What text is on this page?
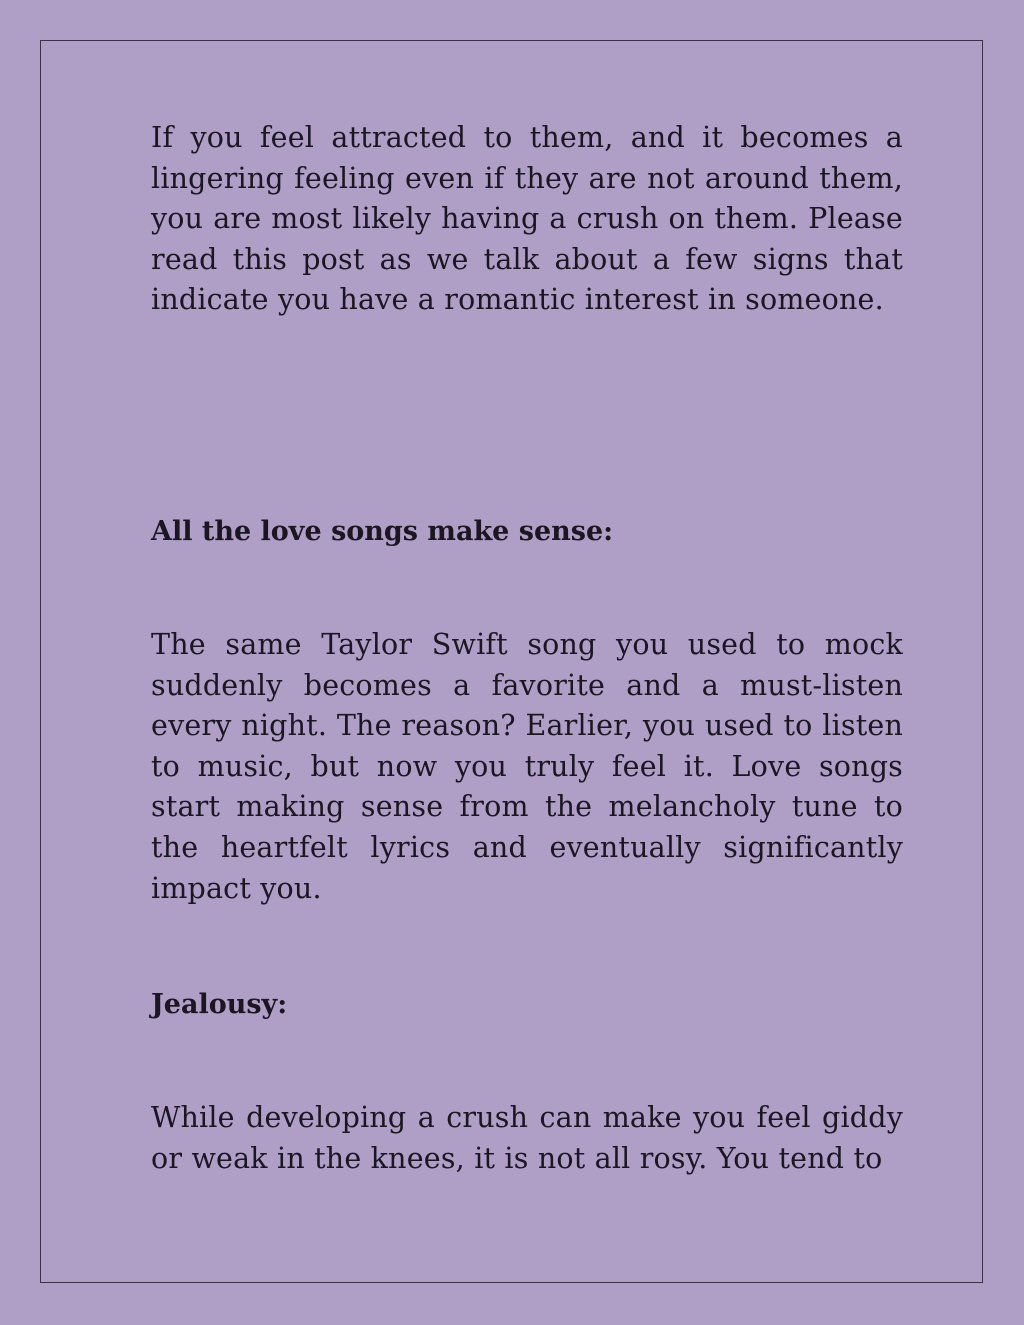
If you feel attracted to them, and it becomes a lingering feeling even if they are not around them, you are most likely having a crush on them. Please read this post as we talk about a few signs that indicate you have a romantic interest in someone.

All the love songs make sense:

The same Taylor Swift song you used to mock suddenly becomes a favorite and a must-listen every night. The reason? Earlier, you used to listen to music, but now you truly feel it. Love songs start making sense from the melancholy tune to the heartfelt lyrics and eventually significantly impact you.

Jealousy:

While developing a crush can make you feel giddy or weak in the knees, it is not all rosy. You tend to
